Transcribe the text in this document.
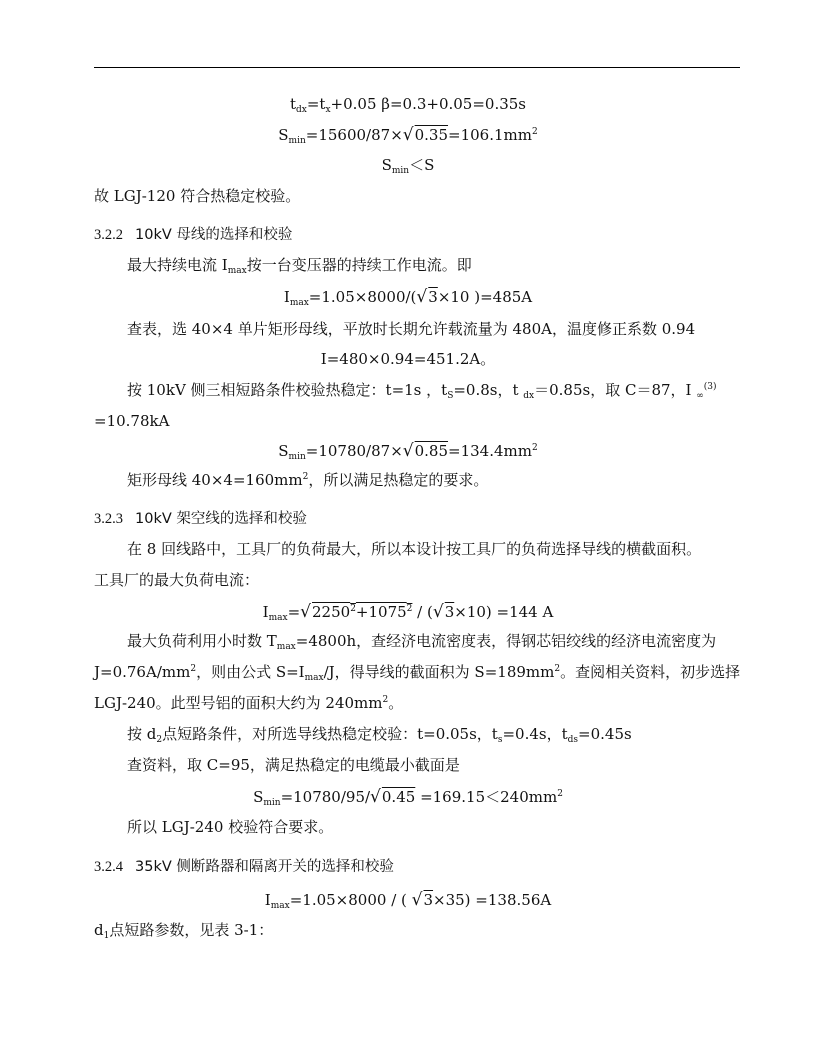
$t_{dx}=t_x+0.05$ β=0.3+0.05=0.35s
$S_{min}=15600/87\times√0.35=106.1mm^2$
$S_{min}<S$
故 LGJ-120 符合热稳定校验。
3.2.2 10kV 母线的选择和校验
最大持续电流 $I_{max}$按一台变压器的持续工作电流。即
$I_{max}=1.05\times 8000/(√3\times 10$ )=485A
查表，选 40×4 单片矩形母线，平放时长期允许载流量为 480A，温度修正系数 0.94
I=480×0.94=451.2A。
按 10kV 侧三相短路条件校验热稳定：t=1s ，$t_S=0.8s$，t $_{dx}$＝0.85s，取 C＝87，I $_\infty^{(3)}$
=10.78kA
$S_{min}=10780/87\times√0.85=134.4mm^2$
矩形母线 $40\times 4=160mm^2$，所以满足热稳定的要求。
3.2.3 10kV 架空线的选择和校验
在 8 回线路中，工具厂的负荷最大，所以本设计按工具厂的负荷选择导线的横截面积。
工具厂的最大负荷电流：
$I_{max}=√2250^2+1075^2 / (√3\times 10) =144$ A
最大负荷利用小时数 $T_{max}=4800h$，查经济电流密度表，得钢芯铝绞线的经济电流密度为
$J=0.76A/mm^2$，则由公式 $S=I_{max}/J$，得导线的截面积为 $S=189mm^2$。查阅相关资料，初步选择
LGJ-240。此型号铝的面积大约为 $240mm^2$。
按 $d_2$点短路条件，对所选导线热稳定校验：t=0.05s，$t_s=0.4s$，$t_{ds}=0.45s$
查资料，取 C=95，满足热稳定的电缆最小截面是
$S_{min}=10780/95/√0.45 =169.15<240mm^2$
所以 LGJ-240 校验符合要求。
3.2.4 35kV 侧断路器和隔离开关的选择和校验
$I_{max}=1.05\times 8000$ / ( √3×35) =138.56A
$d_1$点短路参数，见表 3-1：
